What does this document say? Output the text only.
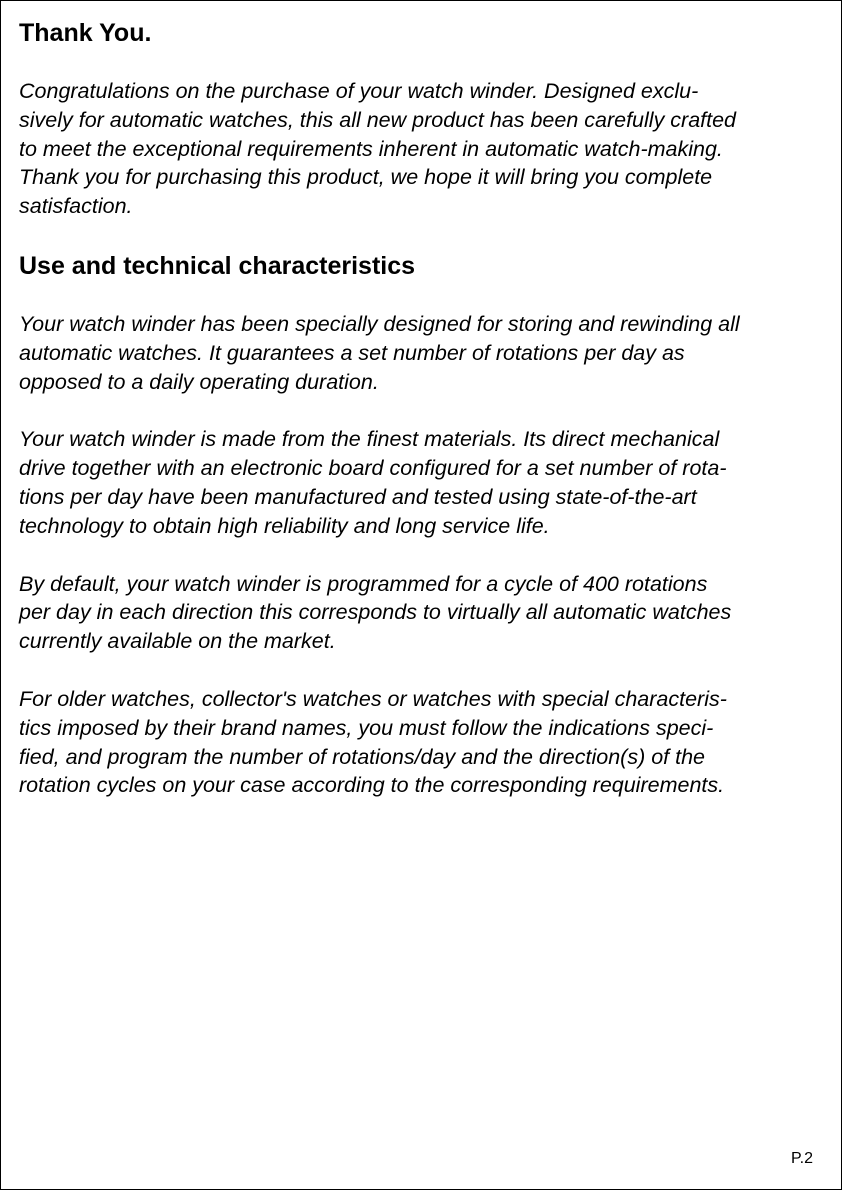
Thank You.

Congratulations on the purchase of your watch winder. Designed exclu-
sively for automatic watches, this all new product has been carefully crafted
to meet the exceptional requirements inherent in automatic watch-making.
Thank you for purchasing this product, we hope it will bring you complete
satisfaction.

Use and technical characteristics

Your watch winder has been specially designed for storing and rewinding all
automatic watches. It guarantees a set number of rotations per day as
opposed to a daily operating duration.

Your watch winder is made from the finest materials. Its direct mechanical
drive together with an electronic board configured for a set number of rota-
tions per day have been manufactured and tested using state-of-the-art
technology to obtain high reliability and long service life.

By default, your watch winder is programmed for a cycle of 400 rotations
per day in each direction this corresponds to virtually all automatic watches
currently available on the market.

For older watches, collector's watches or watches with special characteris-
tics imposed by their brand names, you must follow the indications speci-
fied, and program the number of rotations/day and the direction(s) of the
rotation cycles on your case according to the corresponding requirements.

P.2
